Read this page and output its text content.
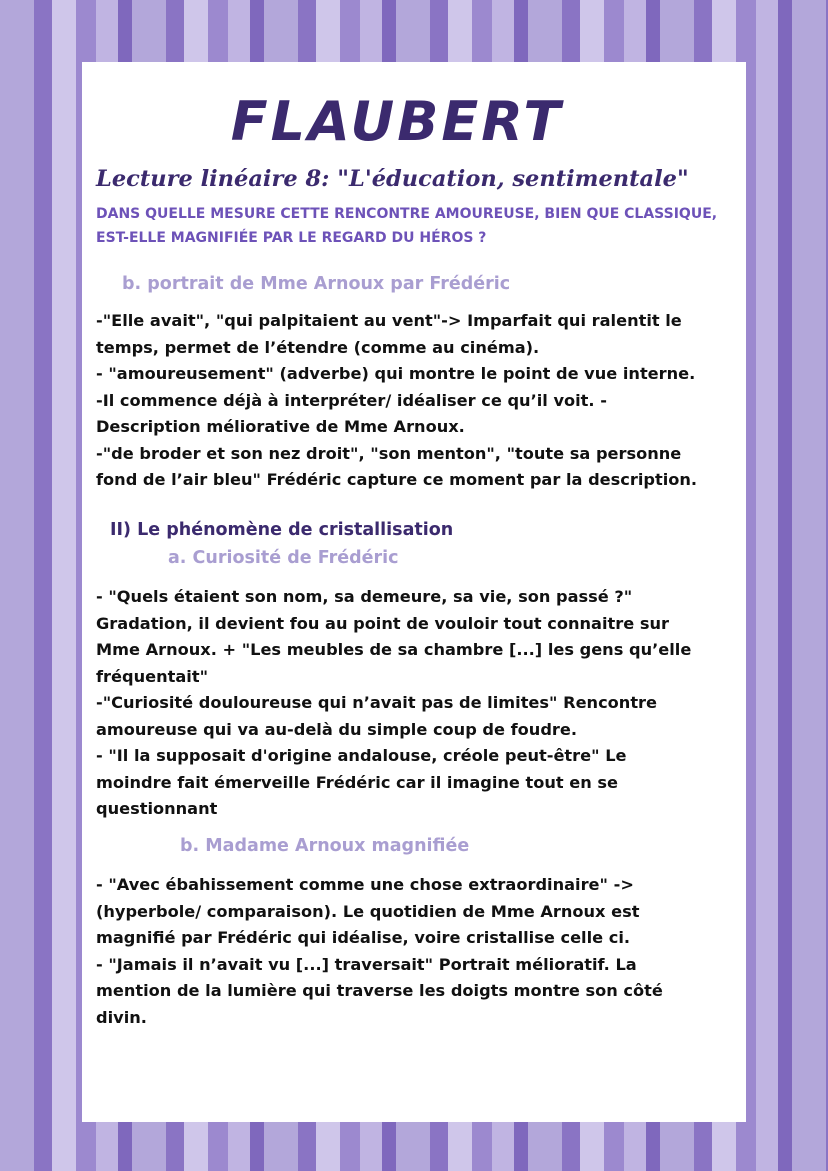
FLAUBERT
Lecture linéaire 8: "L'éducation, sentimentale"
DANS QUELLE MESURE CETTE RENCONTRE AMOUREUSE, BIEN QUE CLASSIQUE,
EST-ELLE MAGNIFIÉE PAR LE REGARD DU HÉROS ?
b. portrait de Mme Arnoux par Frédéric
-"Elle avait", "qui palpitaient au vent"-> Imparfait qui ralentit le
temps, permet de l’étendre (comme au cinéma).
- "amoureusement" (adverbe) qui montre le point de vue interne.
-Il commence déjà à interpréter/ idéaliser ce qu’il voit. -
Description méliorative de Mme Arnoux.
-"de broder et son nez droit", "son menton", "toute sa personne
fond de l’air bleu" Frédéric capture ce moment par la description.
II) Le phénomène de cristallisation
a. Curiosité de Frédéric
- "Quels étaient son nom, sa demeure, sa vie, son passé ?"
Gradation, il devient fou au point de vouloir tout connaitre sur
Mme Arnoux. + "Les meubles de sa chambre [...] les gens qu’elle
fréquentait"
-"Curiosité douloureuse qui n’avait pas de limites" Rencontre
amoureuse qui va au-delà du simple coup de foudre.
- "Il la supposait d'origine andalouse, créole peut-être" Le
moindre fait émerveille Frédéric car il imagine tout en se
questionnant
b. Madame Arnoux magnifiée
- "Avec ébahissement comme une chose extraordinaire" ->
(hyperbole/ comparaison). Le quotidien de Mme Arnoux est
magnifié par Frédéric qui idéalise, voire cristallise celle ci.
- "Jamais il n’avait vu [...] traversait" Portrait mélioratif. La
mention de la lumière qui traverse les doigts montre son côté
divin.
